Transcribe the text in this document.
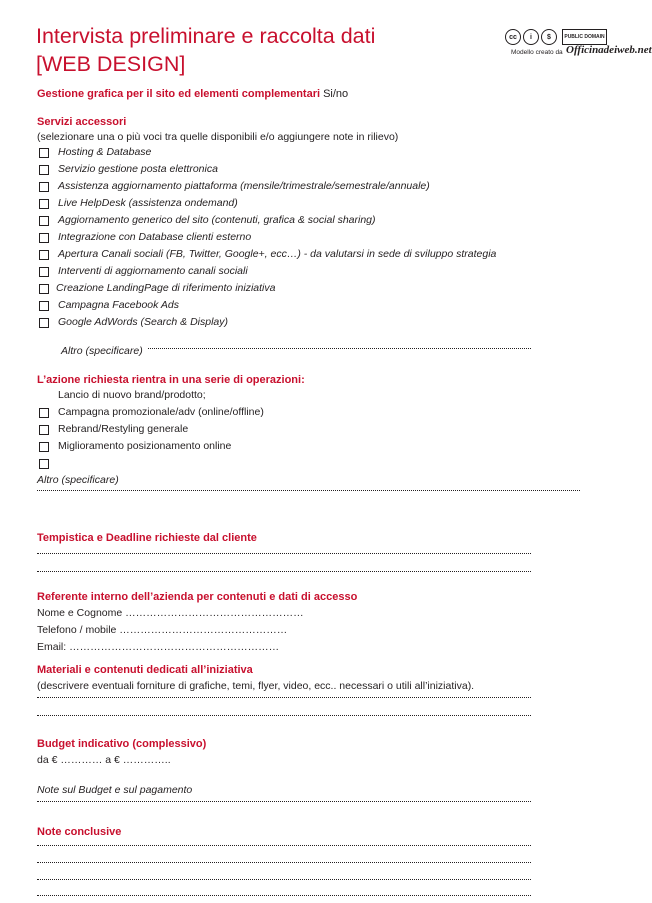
Intervista preliminare e raccolta dati
[WEB DESIGN]
cc	i	$	PUBLIC DOMAIN
Modello creato da Officinadeiweb.net
Gestione grafica per il sito ed elementi complementari Si/no
Servizi accessori
(selezionare una o più voci tra quelle disponibili e/o aggiungere note in rilievo)
Hosting & Database
Servizio gestione posta elettronica
Assistenza aggiornamento piattaforma (mensile/trimestrale/semestrale/annuale)
Live HelpDesk (assistenza ondemand)
Aggiornamento generico del sito (contenuti, grafica & social sharing)
Integrazione con Database clienti esterno
Apertura Canali sociali (FB, Twitter, Google+, ecc…) - da valutarsi in sede di sviluppo strategia
Interventi di aggiornamento canali sociali
Creazione LandingPage di riferimento iniziativa
Campagna Facebook Ads
Google AdWords (Search & Display)
Altro (specificare)
L’azione richiesta rientra in una serie di operazioni:
Lancio di nuovo brand/prodotto;
Campagna promozionale/adv (online/offline)
Rebrand/Restyling generale
Miglioramento posizionamento online
Altro (specificare)
Tempistica e Deadline richieste dal cliente
Referente interno dell’azienda per contenuti e dati di accesso
Nome e Cognome ……………………………………………
Telefono / mobile …………………………………………
Email: ……………………………………………………
Materiali e contenuti dedicati all’iniziativa
(descrivere eventuali forniture di grafiche, temi, flyer, video, ecc.. necessari o utili all’iniziativa).
Budget indicativo (complessivo)
da € ………… a € …………..
Note sul Budget e sul pagamento
Note conclusive
